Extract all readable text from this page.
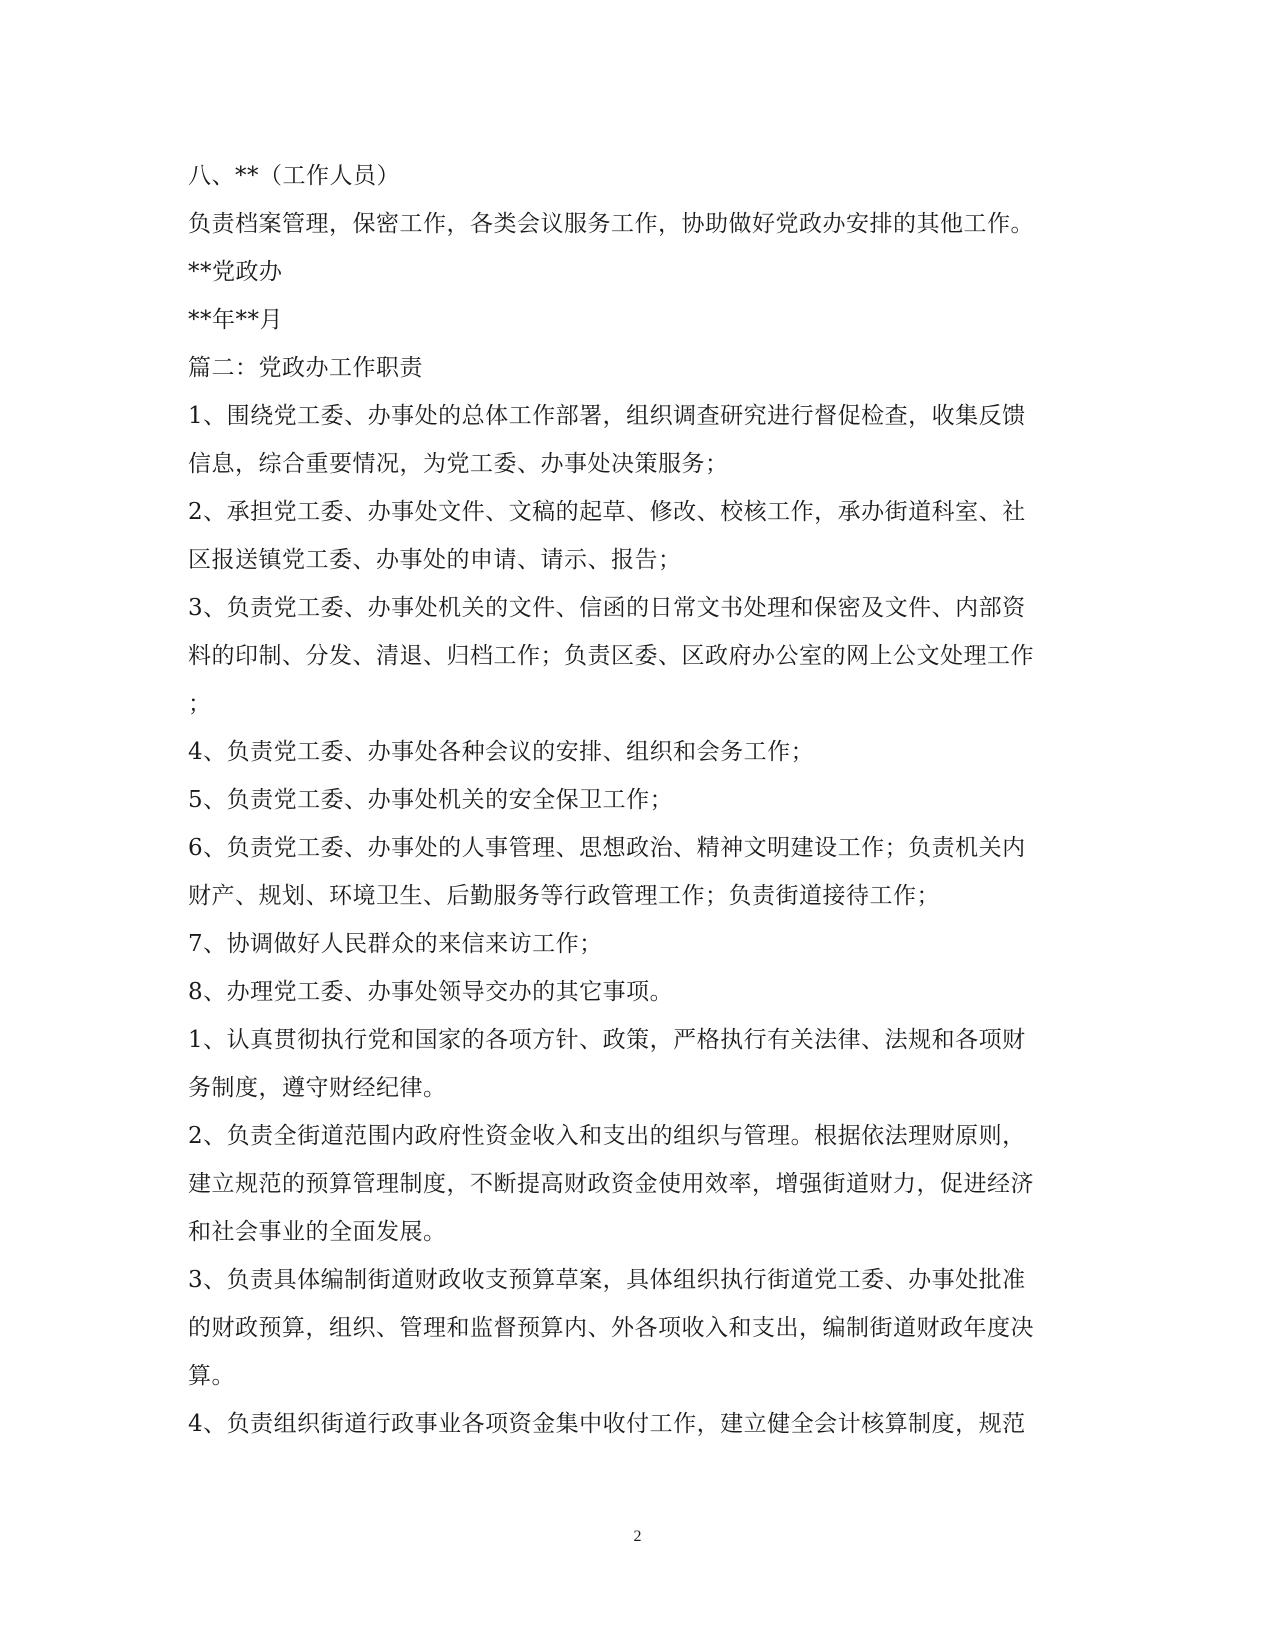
八、**（工作人员）
负责档案管理，保密工作，各类会议服务工作，协助做好党政办安排的其他工作。
**党政办
**年**月
篇二：党政办工作职责
1、围绕党工委、办事处的总体工作部署，组织调查研究进行督促检查，收集反馈
信息，综合重要情况，为党工委、办事处决策服务；
2、承担党工委、办事处文件、文稿的起草、修改、校核工作，承办街道科室、社
区报送镇党工委、办事处的申请、请示、报告；
3、负责党工委、办事处机关的文件、信函的日常文书处理和保密及文件、内部资
料的印制、分发、清退、归档工作；负责区委、区政府办公室的网上公文处理工作
；
4、负责党工委、办事处各种会议的安排、组织和会务工作；
5、负责党工委、办事处机关的安全保卫工作；
6、负责党工委、办事处的人事管理、思想政治、精神文明建设工作；负责机关内
财产、规划、环境卫生、后勤服务等行政管理工作；负责街道接待工作；
7、协调做好人民群众的来信来访工作；
8、办理党工委、办事处领导交办的其它事项。
1、认真贯彻执行党和国家的各项方针、政策，严格执行有关法律、法规和各项财
务制度，遵守财经纪律。
2、负责全街道范围内政府性资金收入和支出的组织与管理。根据依法理财原则，
建立规范的预算管理制度，不断提高财政资金使用效率，增强街道财力，促进经济
和社会事业的全面发展。
3、负责具体编制街道财政收支预算草案，具体组织执行街道党工委、办事处批准
的财政预算，组织、管理和监督预算内、外各项收入和支出，编制街道财政年度决
算。
4、负责组织街道行政事业各项资金集中收付工作，建立健全会计核算制度，规范
2
